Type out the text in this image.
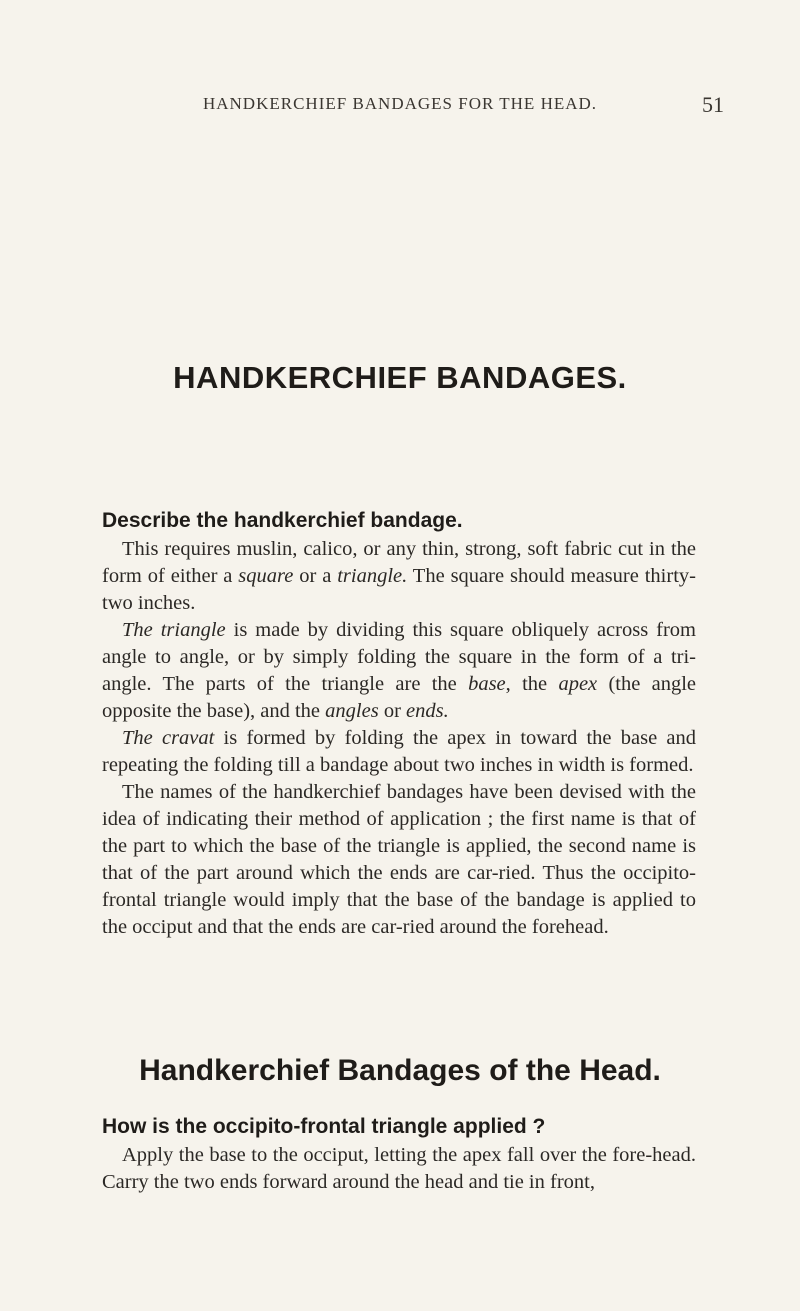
HANDKERCHIEF BANDAGES FOR THE HEAD.	51
HANDKERCHIEF BANDAGES.
Describe the handkerchief bandage.

This requires muslin, calico, or any thin, strong, soft fabric cut in the form of either a square or a triangle. The square should measure thirty-two inches.

The triangle is made by dividing this square obliquely across from angle to angle, or by simply folding the square in the form of a tri-angle. The parts of the triangle are the base, the apex (the angle opposite the base), and the angles or ends.

The cravat is formed by folding the apex in toward the base and repeating the folding till a bandage about two inches in width is formed.

The names of the handkerchief bandages have been devised with the idea of indicating their method of application ; the first name is that of the part to which the base of the triangle is applied, the second name is that of the part around which the ends are car-ried. Thus the occipito-frontal triangle would imply that the base of the bandage is applied to the occiput and that the ends are car-ried around the forehead.

Handkerchief Bandages of the Head.
How is the occipito-frontal triangle applied ?

Apply the base to the occiput, letting the apex fall over the fore-head. Carry the two ends forward around the head and tie in front,
